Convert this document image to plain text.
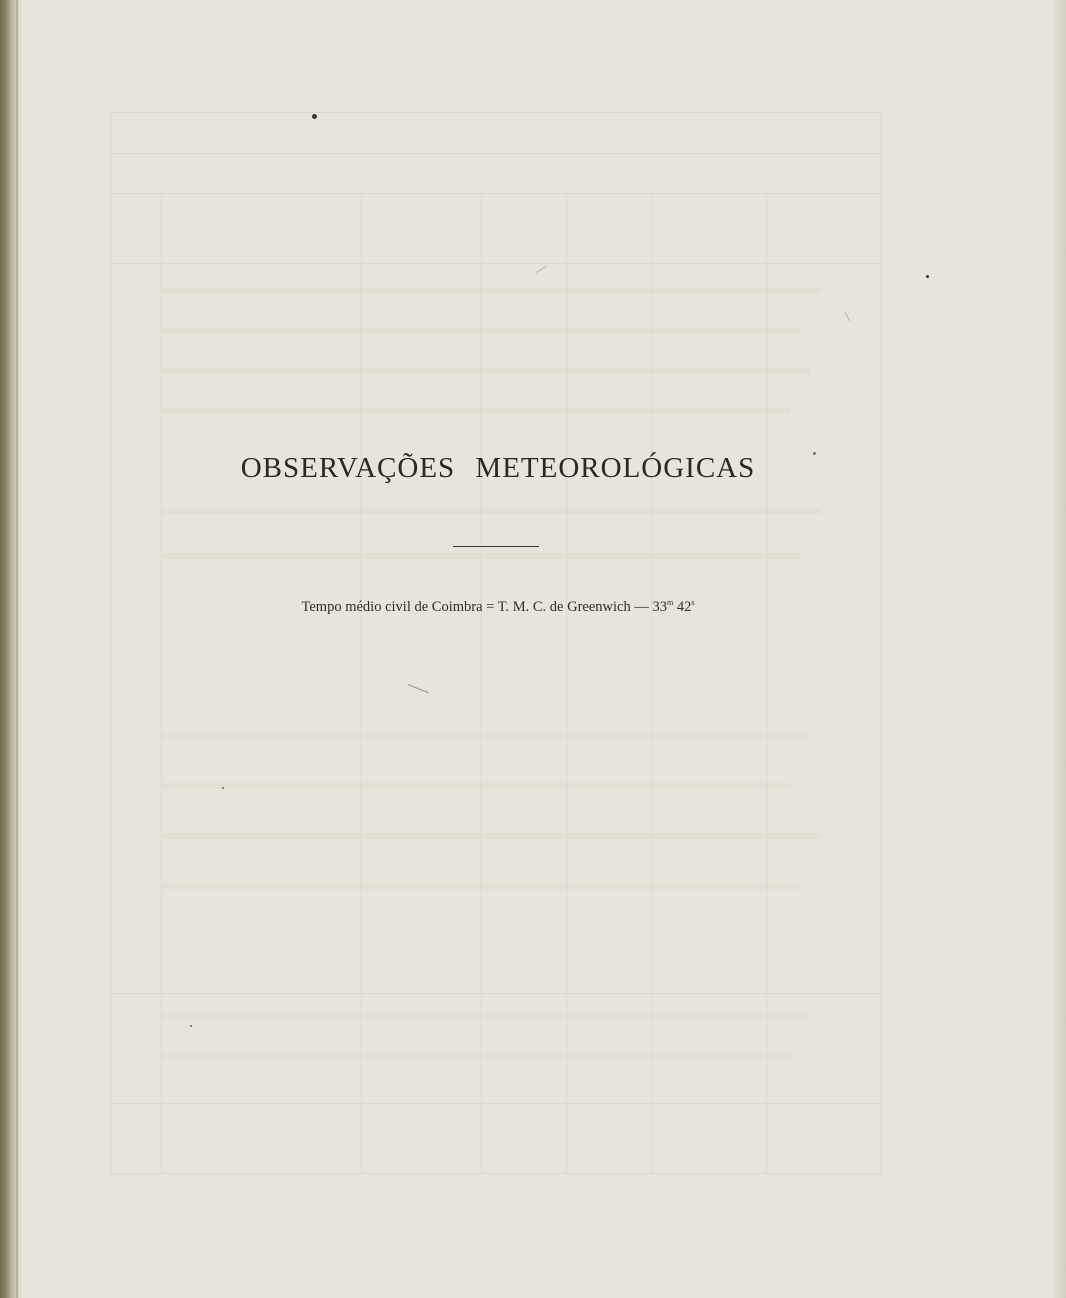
OBSERVAÇÕES METEOROLÓGICAS
Tempo médio civil de Coimbra = T. M. C. de Greenwich — 33$^m$ 42$^s$
